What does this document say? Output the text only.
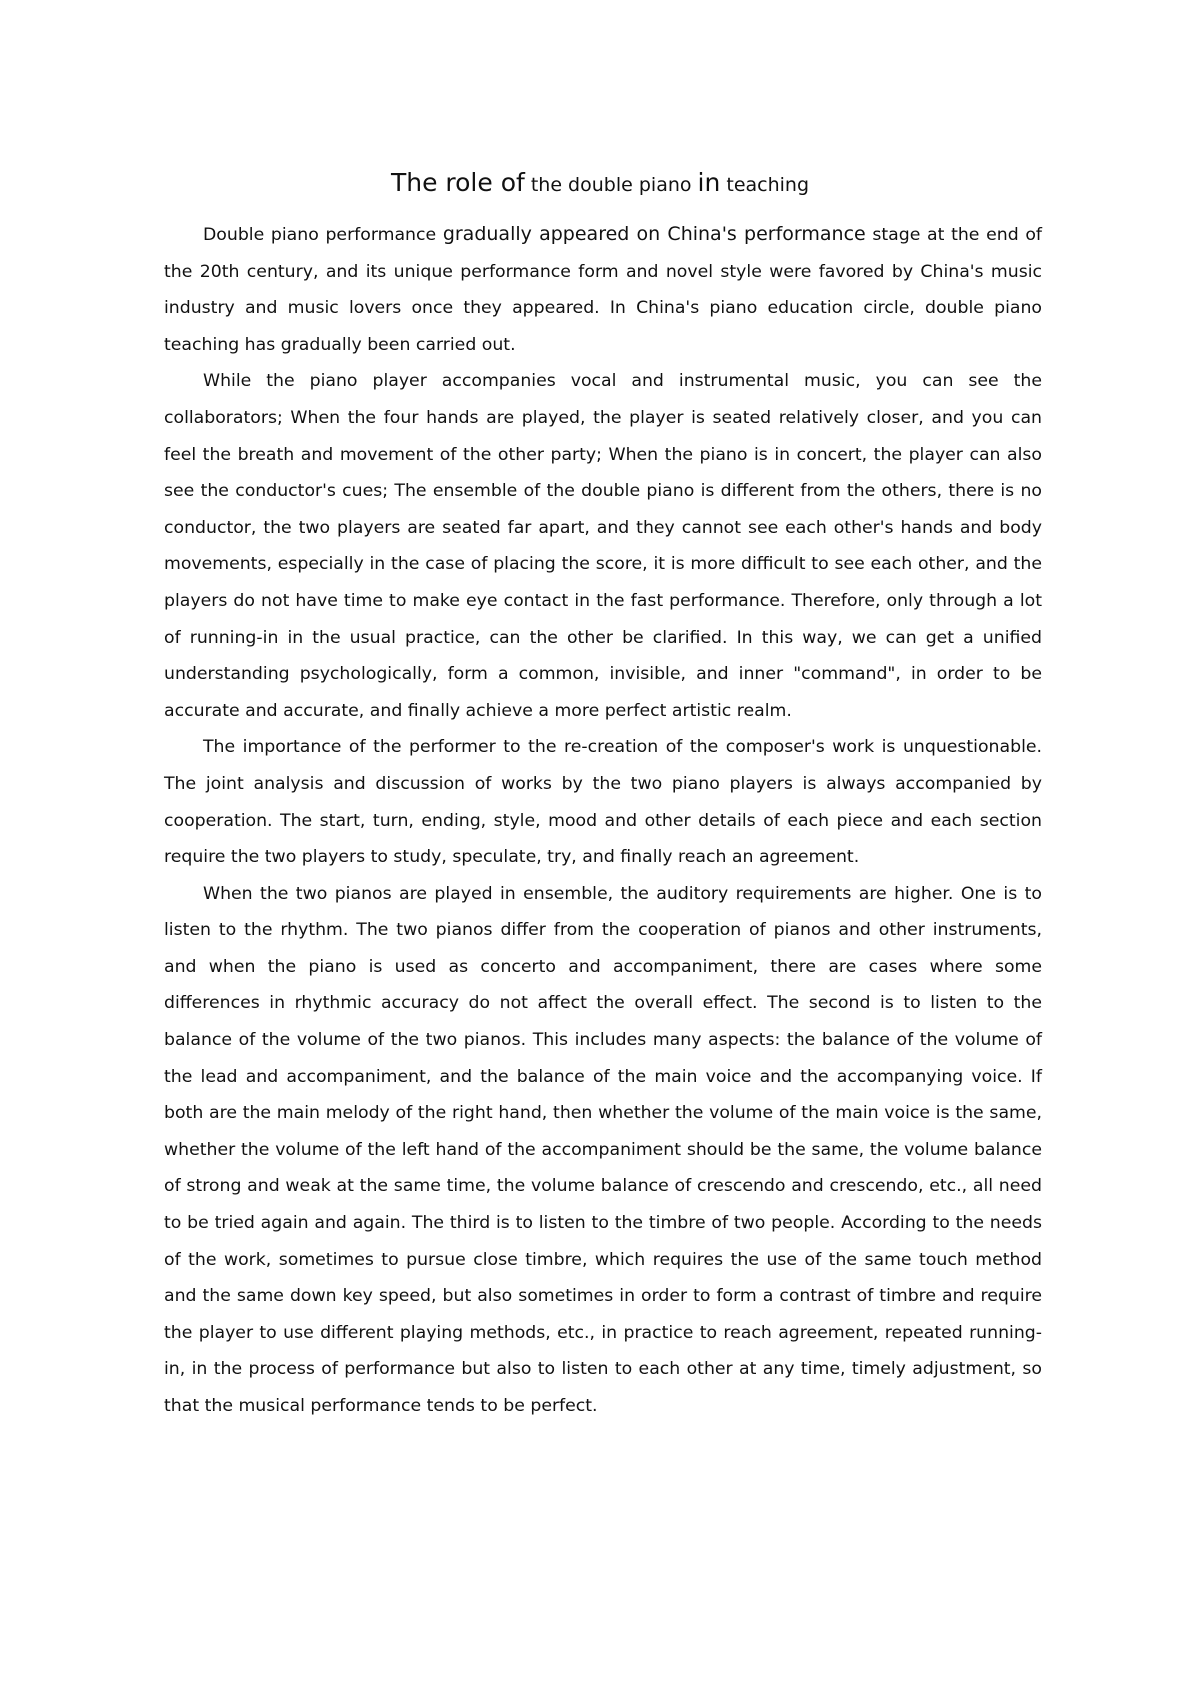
The role of the double piano in teaching

Double piano performance gradually appeared on China's performance stage at the end of the 20th century, and its unique performance form and novel style were favored by China's music industry and music lovers once they appeared. In China's piano education circle, double piano teaching has gradually been carried out.

While the piano player accompanies vocal and instrumental music, you can see the collaborators; When the four hands are played, the player is seated relatively closer, and you can feel the breath and movement of the other party; When the piano is in concert, the player can also see the conductor's cues; The ensemble of the double piano is different from the others, there is no conductor, the two players are seated far apart, and they cannot see each other's hands and body movements, especially in the case of placing the score, it is more difficult to see each other, and the players do not have time to make eye contact in the fast performance. Therefore, only through a lot of running-in in the usual practice, can the other be clarified. In this way, we can get a unified understanding psychologically, form a common, invisible, and inner "command", in order to be accurate and accurate, and finally achieve a more perfect artistic realm.

The importance of the performer to the re-creation of the composer's work is unquestionable. The joint analysis and discussion of works by the two piano players is always accompanied by cooperation. The start, turn, ending, style, mood and other details of each piece and each section require the two players to study, speculate, try, and finally reach an agreement.

When the two pianos are played in ensemble, the auditory requirements are higher. One is to listen to the rhythm. The two pianos differ from the cooperation of pianos and other instruments, and when the piano is used as concerto and accompaniment, there are cases where some differences in rhythmic accuracy do not affect the overall effect. The second is to listen to the balance of the volume of the two pianos. This includes many aspects: the balance of the volume of the lead and accompaniment, and the balance of the main voice and the accompanying voice. If both are the main melody of the right hand, then whether the volume of the main voice is the same, whether the volume of the left hand of the accompaniment should be the same, the volume balance of strong and weak at the same time, the volume balance of crescendo and crescendo, etc., all need to be tried again and again. The third is to listen to the timbre of two people. According to the needs of the work, sometimes to pursue close timbre, which requires the use of the same touch method and the same down key speed, but also sometimes in order to form a contrast of timbre and require the player to use different playing methods, etc., in practice to reach agreement, repeated running-in, in the process of performance but also to listen to each other at any time, timely adjustment, so that the musical performance tends to be perfect.
